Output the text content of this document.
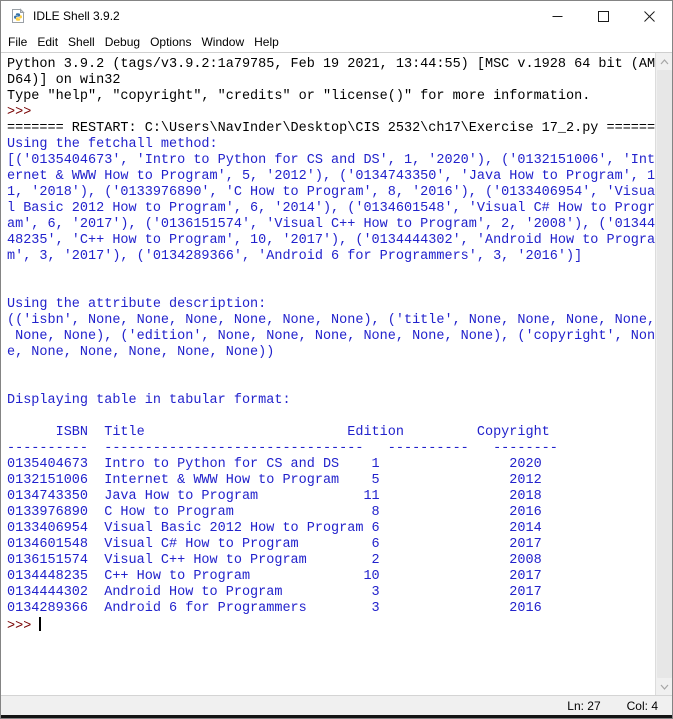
IDLE Shell 3.9.2
File Edit Shell Debug Options Window Help
Python 3.9.2 (tags/v3.9.2:1a79785, Feb 19 2021, 13:44:55) [MSC v.1928 64 bit (AM
D64)] on win32
Type "help", "copyright", "credits" or "license()" for more information.
>>>
======= RESTART: C:\Users\NavInder\Desktop\CIS 2532\ch17\Exercise 17_2.py ======
Using the fetchall method:
[('0135404673', 'Intro to Python for CS and DS', 1, '2020'), ('0132151006', 'Int
ernet & WWW How to Program', 5, '2012'), ('0134743350', 'Java How to Program', 1
1, '2018'), ('0133976890', 'C How to Program', 8, '2016'), ('0133406954', 'Visua
l Basic 2012 How to Program', 6, '2014'), ('0134601548', 'Visual C# How to Progr
am', 6, '2017'), ('0136151574', 'Visual C++ How to Program', 2, '2008'), ('01344
48235', 'C++ How to Program', 10, '2017'), ('0134444302', 'Android How to Progra
m', 3, '2017'), ('0134289366', 'Android 6 for Programmers', 3, '2016')]
Using the attribute description:
(('isbn', None, None, None, None, None, None), ('title', None, None, None, None,
None, None), ('edition', None, None, None, None, None, None), ('copyright', Non
e, None, None, None, None, None))
Displaying table in tabular format:
ISBN  Title                         Edition         Copyright
----------  --------------------------------   ----------   --------
0135404673  Intro to Python for CS and DS    1                2020
0132151006  Internet & WWW How to Program    5                2012
0134743350  Java How to Program             11                2018
0133976890  C How to Program                 8                2016
0133406954  Visual Basic 2012 How to Program 6                2014
0134601548  Visual C# How to Program         6                2017
0136151574  Visual C++ How to Program        2                2008
0134448235  C++ How to Program              10                2017
0134444302  Android How to Program           3                2017
0134289366  Android 6 for Programmers        3                2016
>>>
Ln: 27 Col: 4
